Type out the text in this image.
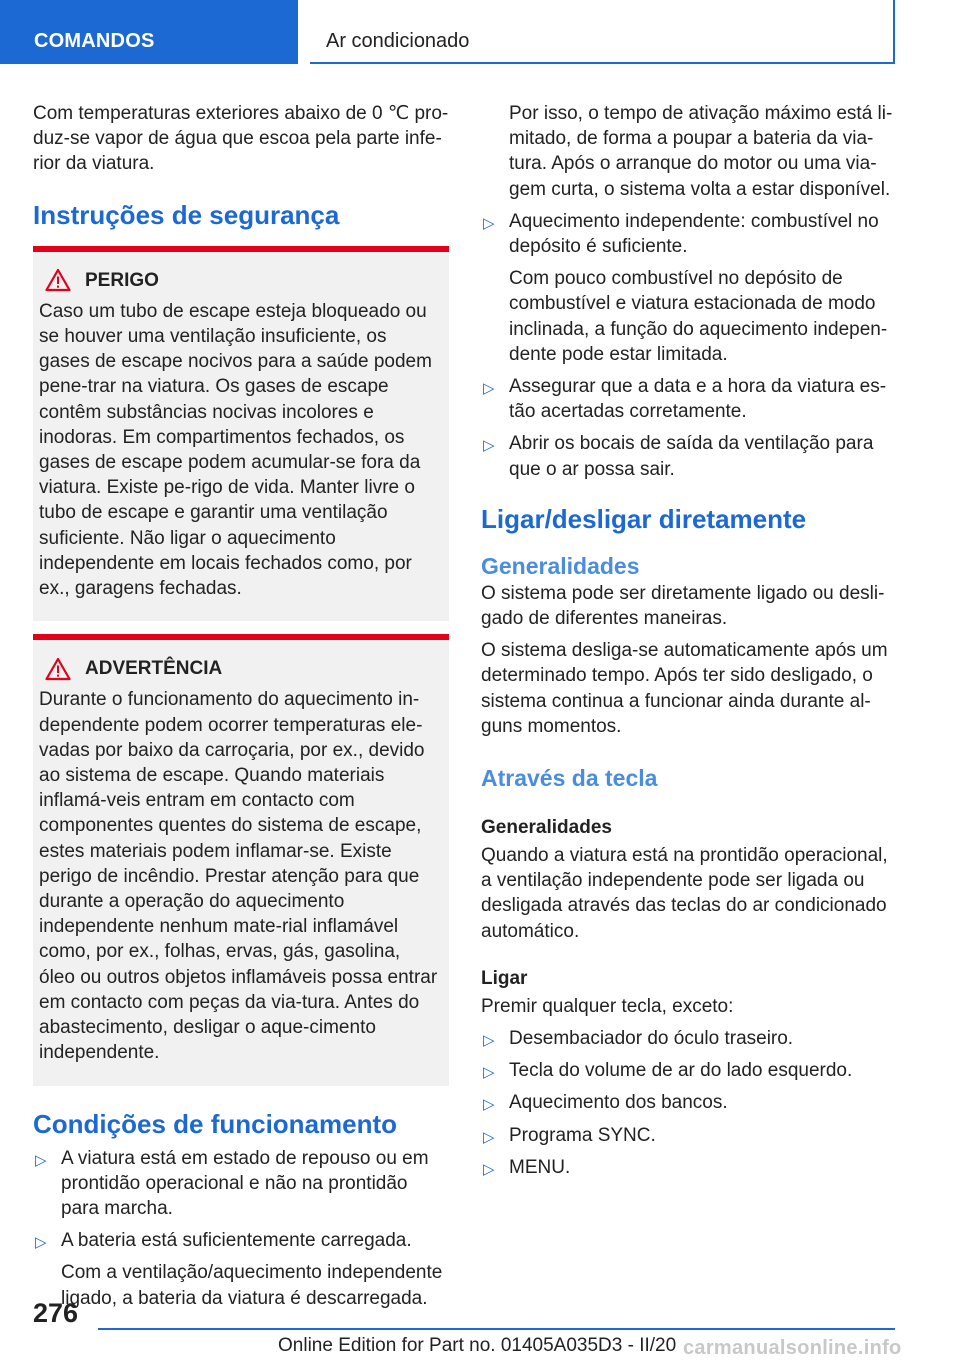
COMANDOS	Ar condicionado

Com temperaturas exteriores abaixo de 0 ℃ pro‐duz‐se vapor de água que escoa pela parte infe‐rior da viatura.

Instruções de segurança
PERIGO

Caso um tubo de escape esteja bloqueado ou se houver uma ventilação insuficiente, os gases de escape nocivos para a saúde podem pene‐trar na viatura. Os gases de escape contêm substâncias nocivas incolores e inodoras. Em compartimentos fechados, os gases de escape podem acumular‐se fora da viatura. Existe pe‐rigo de vida. Manter livre o tubo de escape e garantir uma ventilação suficiente. Não ligar o aquecimento independente em locais fechados como, por ex., garagens fechadas.

ADVERTÊNCIA

Durante o funcionamento do aquecimento in‐dependente podem ocorrer temperaturas ele‐vadas por baixo da carroçaria, por ex., devido ao sistema de escape. Quando materiais inflamá‐veis entram em contacto com componentes quentes do sistema de escape, estes materiais podem inflamar‐se. Existe perigo de incêndio. Prestar atenção para que durante a operação do aquecimento independente nenhum mate‐rial inflamável como, por ex., folhas, ervas, gás, gasolina, óleo ou outros objetos inflamáveis possa entrar em contacto com peças da via‐tura. Antes do abastecimento, desligar o aque‐cimento independente.

Condições de funcionamento
▷ A viatura está em estado de repouso ou em prontidão operacional e não na prontidão para marcha.
▷ A bateria está suficientemente carregada.
Com a ventilação/aquecimento independente ligado, a bateria da viatura é descarregada.

Por isso, o tempo de ativação máximo está li‐mitado, de forma a poupar a bateria da via‐tura. Após o arranque do motor ou uma via‐gem curta, o sistema volta a estar disponível.

▷ Aquecimento independente: combustível no depósito é suficiente.
Com pouco combustível no depósito de combustível e viatura estacionada de modo inclinada, a função do aquecimento indepen‐dente pode estar limitada.
▷ Assegurar que a data e a hora da viatura es‐tão acertadas corretamente.
▷ Abrir os bocais de saída da ventilação para que o ar possa sair.
Ligar/desligar diretamente
Generalidades

O sistema pode ser diretamente ligado ou desli‐gado de diferentes maneiras.

O sistema desliga‐se automaticamente após um determinado tempo. Após ter sido desligado, o sistema continua a funcionar ainda durante al‐guns momentos.

Através da tecla
Generalidades

Quando a viatura está na prontidão operacional, a ventilação independente pode ser ligada ou desligada através das teclas do ar condicionado automático.

Ligar

Premir qualquer tecla, exceto:

▷ Desembaciador do óculo traseiro.
▷ Tecla do volume de ar do lado esquerdo.
▷ Aquecimento dos bancos.
▷ Programa SYNC.
▷ MENU.
276
Online Edition for Part no. 01405A035D3 - II/20 carmanualsonline.info
